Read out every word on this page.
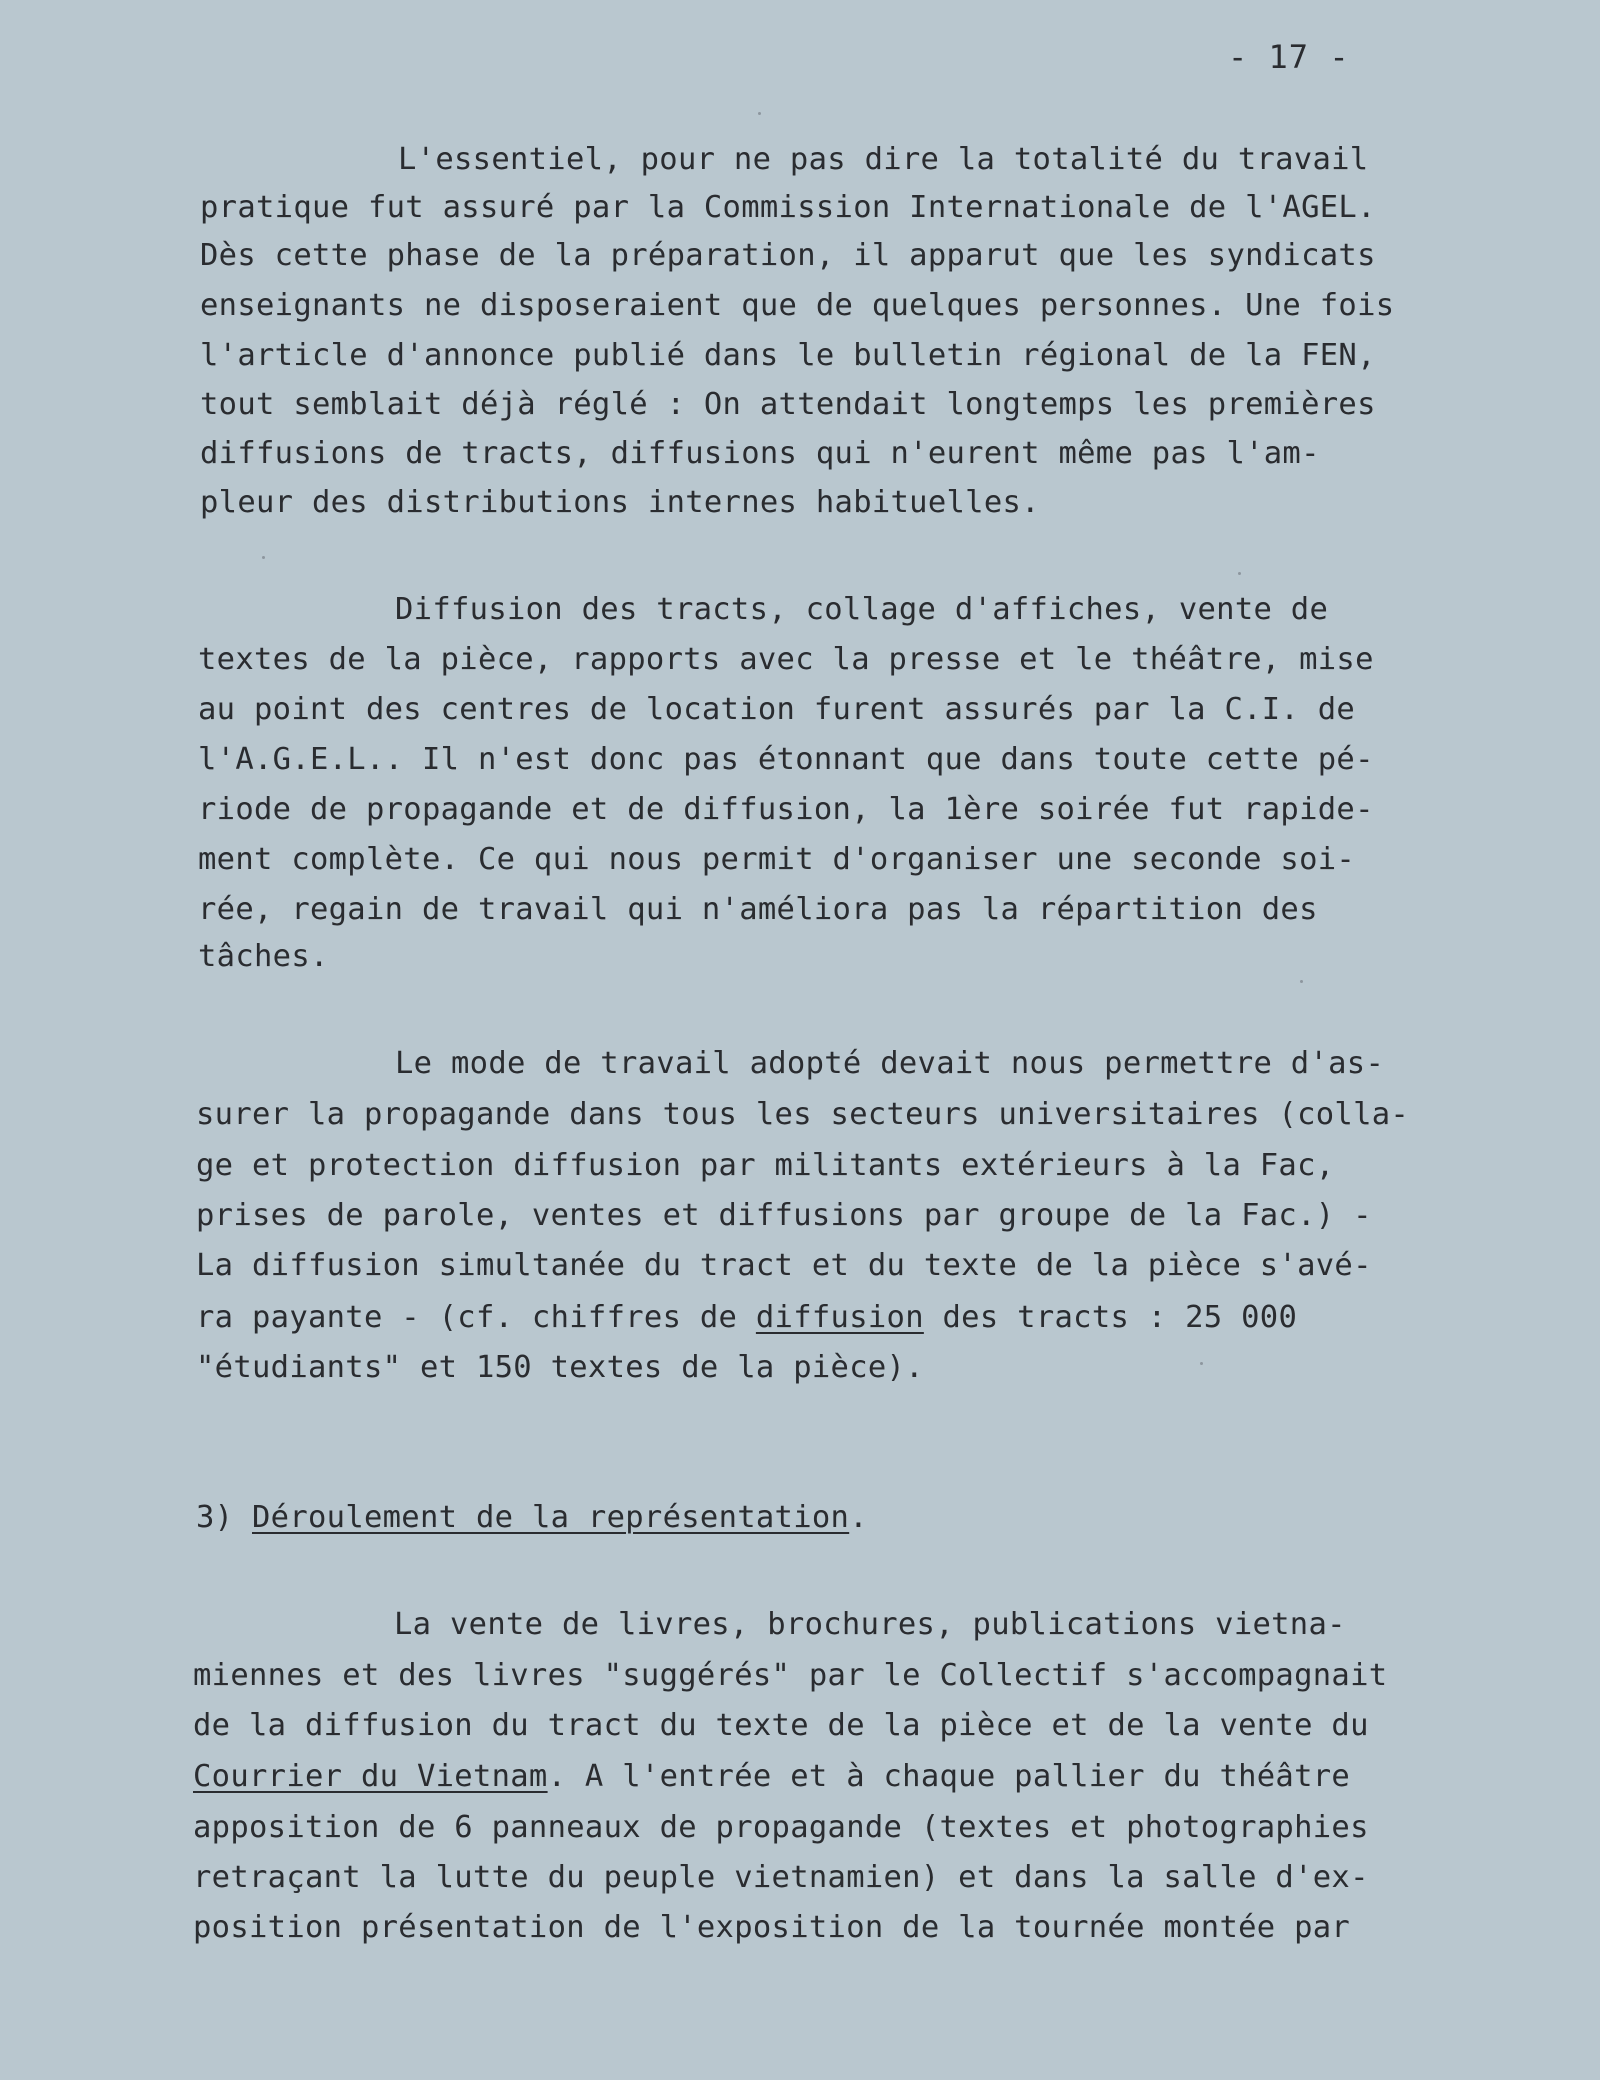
- 17 -
L'essentiel, pour ne pas dire la totalité du travail
pratique fut assuré par la Commission Internationale de l'AGEL.
Dès cette phase de la préparation, il apparut que les syndicats
enseignants ne disposeraient que de quelques personnes. Une fois
l'article d'annonce publié dans le bulletin régional de la FEN,
tout semblait déjà réglé : On attendait longtemps les premières
diffusions de tracts, diffusions qui n'eurent même pas l'am-
pleur des distributions internes habituelles.
Diffusion des tracts, collage d'affiches, vente de
textes de la pièce, rapports avec la presse et le théâtre, mise
au point des centres de location furent assurés par la C.I. de
l'A.G.E.L.. Il n'est donc pas étonnant que dans toute cette pé-
riode de propagande et de diffusion, la 1ère soirée fut rapide-
ment complète. Ce qui nous permit d'organiser une seconde soi-
rée, regain de travail qui n'améliora pas la répartition des
tâches.
Le mode de travail adopté devait nous permettre d'as-
surer la propagande dans tous les secteurs universitaires (colla-
ge et protection diffusion par militants extérieurs à la Fac,
prises de parole, ventes et diffusions par groupe de la Fac.) -
La diffusion simultanée du tract et du texte de la pièce s'avé-
ra payante - (cf. chiffres de diffusion des tracts : 25 000
"étudiants" et 150 textes de la pièce).
3) Déroulement de la représentation.
La vente de livres, brochures, publications vietna-
miennes et des livres "suggérés" par le Collectif s'accompagnait
de la diffusion du tract du texte de la pièce et de la vente du
Courrier du Vietnam. A l'entrée et à chaque pallier du théâtre
apposition de 6 panneaux de propagande (textes et photographies
retraçant la lutte du peuple vietnamien) et dans la salle d'ex-
position présentation de l'exposition de la tournée montée par
